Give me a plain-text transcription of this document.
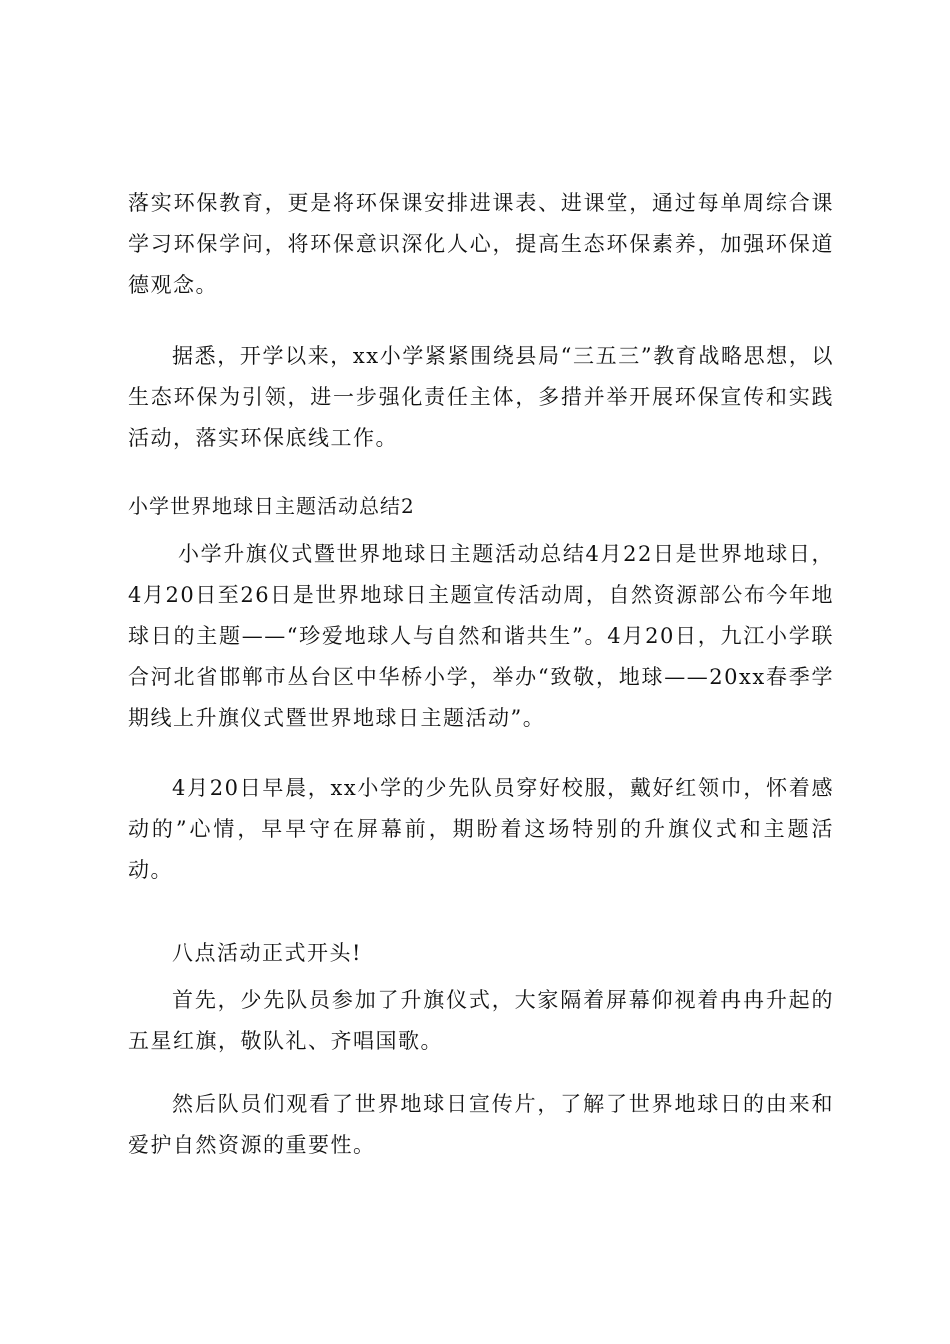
落实环保教育，更是将环保课安排进课表、进课堂，通过每单周综合课学习环保学问，将环保意识深化人心，提高生态环保素养，加强环保道德观念。

据悉，开学以来，xx小学紧紧围绕县局“三五三”教育战略思想，以生态环保为引领，进一步强化责任主体，多措并举开展环保宣传和实践活动，落实环保底线工作。

小学世界地球日主题活动总结2

小学升旗仪式暨世界地球日主题活动总结4月22日是世界地球日，4月20日至26日是世界地球日主题宣传活动周，自然资源部公布今年地球日的主题——“珍爱地球人与自然和谐共生”。4月20日，九江小学联合河北省邯郸市丛台区中华桥小学，举办“致敬，地球——20xx春季学期线上升旗仪式暨世界地球日主题活动”。

4月20日早晨，xx小学的少先队员穿好校服，戴好红领巾，怀着感动的”心情，早早守在屏幕前，期盼着这场特别的升旗仪式和主题活动。

八点活动正式开头!

首先，少先队员参加了升旗仪式，大家隔着屏幕仰视着冉冉升起的五星红旗，敬队礼、齐唱国歌。

然后队员们观看了世界地球日宣传片，了解了世界地球日的由来和爱护自然资源的重要性。
